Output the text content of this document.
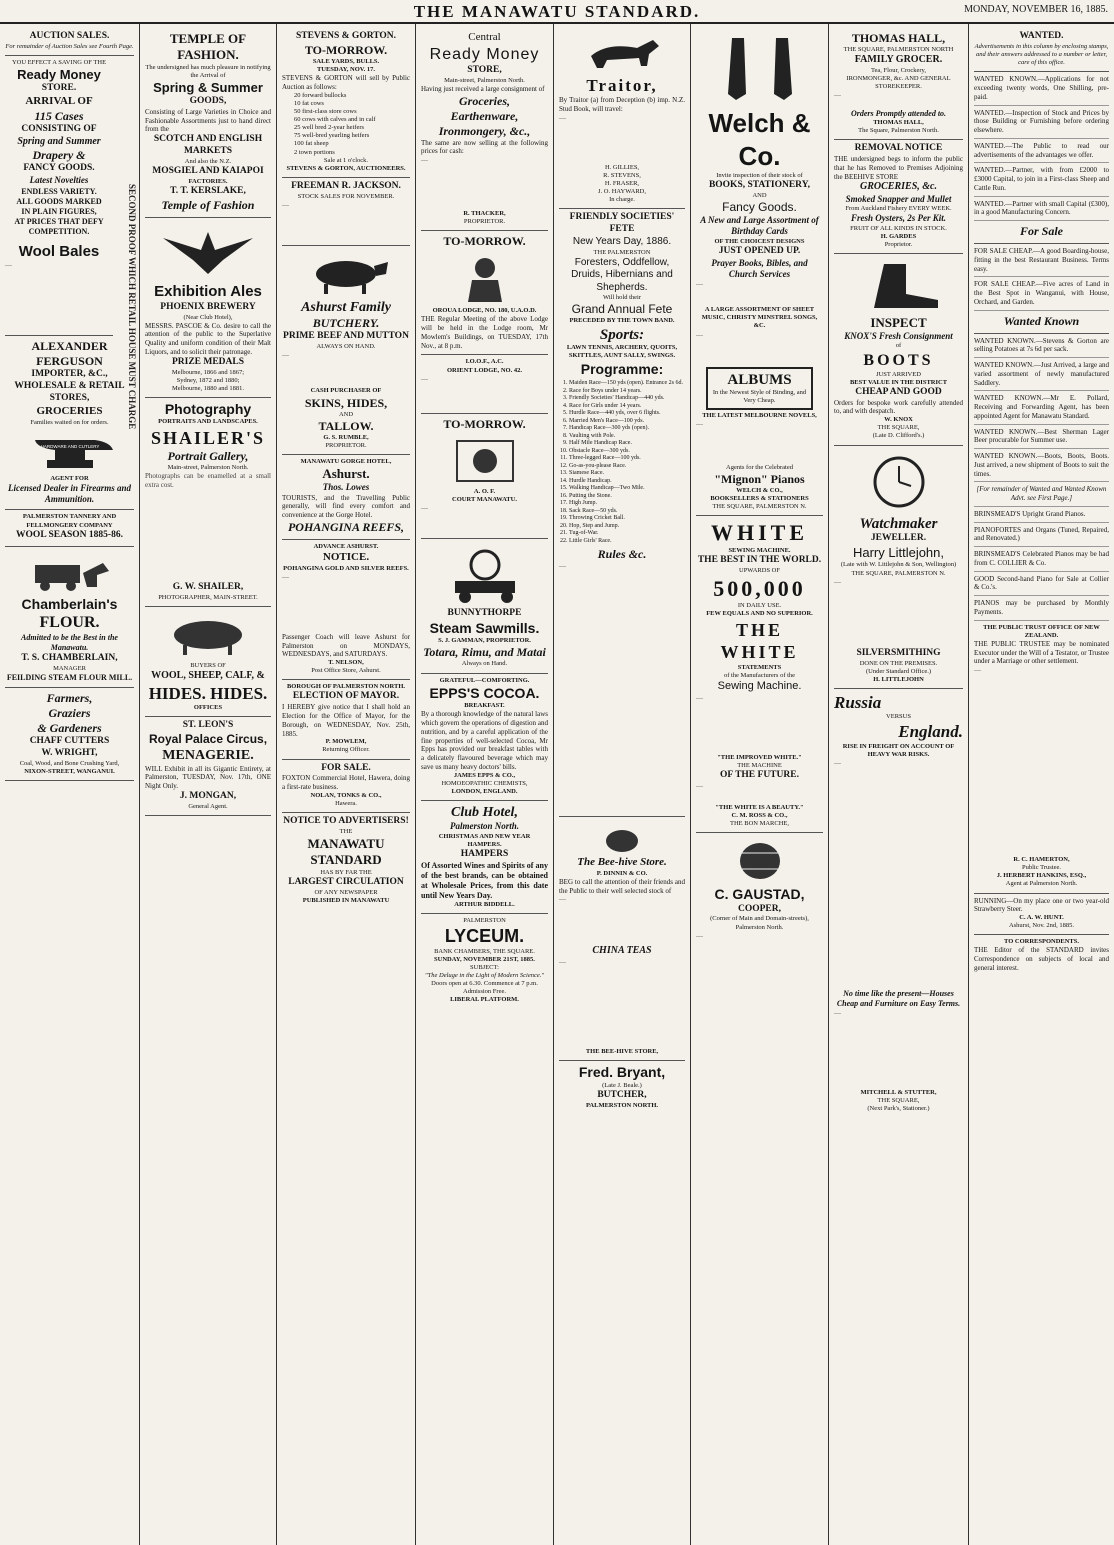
THE MANAWATU STANDARD.	MONDAY, NOVEMBER 16, 1885.
AUCTION SALES.
For remainder of Auction Sales see Fourth Page.
YOU EFFECT A SAVING OF THE
Ready Money
STORE.
ARRIVAL OF
115 Cases
CONSISTING OF
Spring and Summer
Drapery &
FANCY GOODS.
Latest Novelties
ENDLESS VARIETY.
ALL GOODS MARKED
IN PLAIN FIGURES,
AT PRICES THAT DEFY COMPETITION.
Wool Bales
—	SECOND PROOF WHICH RETAIL HOUSE MUST CHARGE
ALEXANDER FERGUSON
IMPORTER, &C.,
WHOLESALE & RETAIL
STORES,
GROCERIES
Families waited on for orders.
HARDWARE AND CUTLERY
AGENT FOR
Licensed Dealer in Firearms and Ammunition.
PALMERSTON TANNERY AND FELLMONGERY COMPANY
WOOL SEASON 1885-86.
Chamberlain's
FLOUR.
Admitted to be the Best in the Manawatu.
T. S. CHAMBERLAIN,
MANAGER
FEILDING STEAM FLOUR MILL.
Farmers,
Graziers
& Gardeners
CHAFF CUTTERS
W. WRIGHT,
Coal, Wood, and Bone Crushing Yard,
NIXON-STREET, WANGANUI.
TEMPLE OF FASHION.
The undersigned has much pleasure in notifying the Arrival of
Spring & Summer
GOODS,
Consisting of Large Varieties in Choice and Fashionable Assortments just to hand direct from the
SCOTCH AND ENGLISH MARKETS
And also the N.Z.
MOSGIEL AND KAIAPOI
FACTORIES.
T. T. KERSLAKE,
Temple of Fashion
Exhibition Ales
PHOENIX BREWERY
(Near Club Hotel),
MESSRS. PASCOE & Co. desire to call the attention of the public to the Superlative Quality and uniform condition of their Malt Liquors, and to solicit their patronage.
PRIZE MEDALS
Melbourne, 1866 and 1867;
Sydney, 1872 and 1880;
Melbourne, 1880 and 1881.
Photography
PORTRAITS AND LANDSCAPES.
SHAILER'S
Portrait Gallery,
Main-street, Palmerston North.
Photographs can be enamelled at a small extra cost.
G. W. SHAILER,
PHOTOGRAPHER, MAIN-STREET.
BUYERS OF
WOOL, SHEEP, CALF, &
HIDES. HIDES.
OFFICES
ST. LEON'S
Royal Palace Circus,
MENAGERIE.
WILL Exhibit in all its Gigantic Entirety, at Palmerston, TUESDAY, Nov. 17th, ONE Night Only.
J. MONGAN,
General Agent.
STEVENS & GORTON.
TO-MORROW.
SALE YARDS, BULLS.
TUESDAY, NOV. 17.
STEVENS & GORTON will sell by Public Auction as follows:
20 forward bullocks
10 fat cows
50 first-class store cows
60 cows with calves and in calf
25 well bred 2-year heifers
75 well-bred yearling heifers
100 fat sheep
2 town portions
Sale at 1 o'clock.
STEVENS & GORTON, AUCTIONEERS.
FREEMAN R. JACKSON.
STOCK SALES FOR NOVEMBER.
—
Ashurst Family
BUTCHERY.
PRIME BEEF AND MUTTON
ALWAYS ON HAND.
—
CASH PURCHASER OF
SKINS, HIDES,
AND
TALLOW.
G. S. RUMBLE,
PROPRIETOR.
MANAWATU GORGE HOTEL,
Ashurst.
Thos. Lowes
TOURISTS, and the Travelling Public generally, will find every comfort and convenience at the Gorge Hotel.
POHANGINA REEFS,
ADVANCE ASHURST.
NOTICE.
POHANGINA GOLD AND SILVER REEFS.
—
Passenger Coach will leave Ashurst for Palmerston on MONDAYS, WEDNESDAYS, and SATURDAYS.
T. NELSON,
Post Office Store, Ashurst.
BOROUGH OF PALMERSTON NORTH.
ELECTION OF MAYOR.
I HEREBY give notice that I shall hold an Election for the Office of Mayor, for the Borough, on WEDNESDAY, Nov. 25th, 1885.
P. MOWLEM,
Returning Officer.
FOR SALE.
FOXTON Commercial Hotel, Hawera, doing a first-rate business.
NOLAN, TONKS & CO.,
Hawera.
NOTICE TO ADVERTISERS!
THE
MANAWATU STANDARD
HAS BY FAR THE
LARGEST CIRCULATION
OF ANY NEWSPAPER
PUBLISHED IN MANAWATU
Central
Ready Money
STORE,
Main-street, Palmerston North.
Having just received a large consignment of
Groceries,
Earthenware,
Ironmongery, &c.,
The same are now selling at the following prices for cash:
—
R. THACKER,
PROPRIETOR.
TO-MORROW.
OROUA LODGE, NO. 180, U.A.O.D.
THE Regular Meeting of the above Lodge will be held in the Lodge room, Mr Mowlem's Buildings, on TUESDAY, 17th Nov., at 8 p.m.
I.O.O.F., A.C.
ORIENT LODGE, NO. 42.
—
TO-MORROW.
A. O. F.
COURT MANAWATU.
—
BUNNYTHORPE
Steam Sawmills.
S. J. GAMMAN, PROPRIETOR.
Totara, Rimu, and Matai
Always on Hand.
GRATEFUL—COMFORTING.
EPPS'S COCOA.
BREAKFAST.
By a thorough knowledge of the natural laws which govern the operations of digestion and nutrition, and by a careful application of the fine properties of well-selected Cocoa, Mr Epps has provided our breakfast tables with a delicately flavoured beverage which may save us many heavy doctors' bills.
JAMES EPPS & CO.,
HOMOEOPATHIC CHEMISTS,
LONDON, ENGLAND.
Club Hotel,
Palmerston North.
CHRISTMAS AND NEW YEAR HAMPERS.
HAMPERS
Of Assorted Wines and Spirits of any of the best brands, can be obtained at Wholesale Prices, from this date until New Years Day.
ARTHUR BIDDELL.
PALMERSTON
LYCEUM.
BANK CHAMBERS, THE SQUARE.
SUNDAY, NOVEMBER 21ST, 1885.
SUBJECT:
"The Deluge in the Light of Modern Science."
Doors open at 6.30. Commence at 7 p.m.
Admission Free.
LIBERAL PLATFORM.
Traitor,
By Traitor (a) from Deception (b) imp. N.Z. Stud Book, will travel:
—
H. GILLIES,
R. STEVENS,
H. FRASER,
J. O. HAYWARD,
In charge.
FRIENDLY SOCIETIES' FETE
New Years Day, 1886.
THE PALMERSTON
Foresters, Oddfellow, Druids, Hibernians and Shepherds.
Will hold their
Grand Annual Fete
PRECEDED BY THE TOWN BAND.
Sports:
LAWN TENNIS, ARCHERY, QUOITS, SKITTLES, AUNT SALLY, SWINGS.
Programme:
1. Maiden Race—150 yds (open). Entrance 2s 6d.
2. Race for Boys under 14 years.
3. Friendly Societies' Handicap—440 yds.
4. Race for Girls under 14 years.
5. Hurdle Race—440 yds, over 6 flights.
6. Married Men's Race—100 yds.
7. Handicap Race—300 yds (open).
8. Vaulting with Pole.
9. Half Mile Handicap Race.
10. Obstacle Race—300 yds.
11. Three-legged Race—100 yds.
12. Go-as-you-please Race.
13. Siamese Race.
14. Hurdle Handicap.
15. Walking Handicap—Two Mile.
16. Putting the Stone.
17. High Jump.
18. Sack Race—50 yds.
19. Throwing Cricket Ball.
20. Hop, Step and Jump.
21. Tug-of-War.
22. Little Girls' Race.
Rules &c.
—
The Bee-hive Store.
P. DINNIN & CO.
BEG to call the attention of their friends and the Public to their well selected stock of
—
CHINA TEAS
—
THE BEE-HIVE STORE,
Fred. Bryant,
(Late J. Beale.)
BUTCHER,
PALMERSTON NORTH.
Welch & Co.
Invite inspection of their stock of
BOOKS, STATIONERY,
AND
Fancy Goods.
A New and Large Assortment of Birthday Cards
OF THE CHOICEST DESIGNS
JUST OPENED UP.
Prayer Books, Bibles, and Church Services
—
A LARGE ASSORTMENT OF SHEET MUSIC, CHRISTY MINSTREL SONGS, &C.
—
ALBUMS
In the Newest Style of Binding, and Very Cheap.
THE LATEST MELBOURNE NOVELS,
—
Agents for the Celebrated
"Mignon" Pianos
WELCH & CO.,
BOOKSELLERS & STATIONERS
THE SQUARE, PALMERSTON N.
WHITE
SEWING MACHINE.
THE BEST IN THE WORLD.
UPWARDS OF
500,000
IN DAILY USE.
FEW EQUALS AND NO SUPERIOR.
THE WHITE
STATEMENTS
of the Manufacturers of the
Sewing Machine.
—
"THE IMPROVED WHITE."
THE MACHINE
OF THE FUTURE.
—
"THE WHITE IS A BEAUTY."
C. M. ROSS & CO.,
THE BON MARCHE,
C. GAUSTAD,
COOPER,
(Corner of Main and Domain-streets), Palmerston North.
—
THOMAS HALL,
THE SQUARE, PALMERSTON NORTH
FAMILY GROCER.
Tea, Flour, Crockery,
IRONMONGER, &c. AND GENERAL STOREKEEPER.
—
Orders Promptly attended to.
THOMAS HALL,
The Square, Palmerston North.
REMOVAL NOTICE
THE undersigned begs to inform the public that he has Removed to Premises Adjoining the BEEHIVE STORE
GROCERIES, &c.
Smoked Snapper and Mullet
From Auckland Fishery EVERY WEEK.
Fresh Oysters, 2s Per Kit.
FRUIT OF ALL KINDS IN STOCK.
H. GARDES
Proprietor.
INSPECT
KNOX'S Fresh Consignment
of
BOOTS
JUST ARRIVED
BEST VALUE IN THE DISTRICT
CHEAP AND GOOD
Orders for bespoke work carefully attended to, and with despatch.
W. KNOX
THE SQUARE,
(Late D. Clifford's.)
Watchmaker
JEWELLER.
Harry Littlejohn,
(Late with W. Littlejohn & Son, Wellington)
THE SQUARE, PALMERSTON N.
—
SILVERSMITHING
DONE ON THE PREMISES.
(Under Standard Office.)
H. LITTLEJOHN
Russia
VERSUS
England.
RISE IN FREIGHT ON ACCOUNT OF HEAVY WAR RISKS.
—
No time like the present—Houses Cheap and Furniture on Easy Terms.
—
MITCHELL & STUTTER,
THE SQUARE,
(Next Park's, Stationer.)
WANTED.
Advertisements in this column by enclosing stamps, and their answers addressed to a number or letter, care of this office.
WANTED KNOWN.—Applications for not exceeding twenty words, One Shilling, pre-paid.
WANTED.—Inspection of Stock and Prices by those Building or Furnishing before ordering elsewhere.
WANTED.—The Public to read our advertisements of the advantages we offer.
WANTED.—Partner, with from £2000 to £3000 Capital, to join in a First-class Sheep and Cattle Run.
WANTED.—Partner with small Capital (£300), in a good Manufacturing Concern.
For Sale
FOR SALE CHEAP.—A good Boarding-house, fitting in the best Restaurant Business. Terms easy.
FOR SALE CHEAP.—Five acres of Land in the Best Spot in Wanganui, with House, Orchard, and Garden.
Wanted Known
WANTED KNOWN.—Stevens & Gorton are selling Potatoes at 7s 6d per sack.
WANTED KNOWN.—Just Arrived, a large and varied assortment of newly manufactured Saddlery.
WANTED KNOWN.—Mr E. Pollard, Receiving and Forwarding Agent, has been appointed Agent for Manawatu Standard.
WANTED KNOWN.—Best Sherman Lager Beer procurable for Summer use.
WANTED KNOWN.—Boots, Boots, Boots. Just arrived, a new shipment of Boots to suit the times.
[For remainder of Wanted and Wanted Known Advt. see First Page.]
BRINSMEAD'S Upright Grand Pianos.
PIANOFORTES and Organs (Tuned, Repaired, and Renovated.)
BRINSMEAD'S Celebrated Pianos may be had from C. COLLIER & Co.
GOOD Second-hand Piano for Sale at Collier & Co.'s.
PIANOS may be purchased by Monthly Payments.
THE PUBLIC TRUST OFFICE OF NEW ZEALAND.
THE PUBLIC TRUSTEE may be nominated Executor under the Will of a Testator, or Trustee under a Marriage or other settlement.
—
R. C. HAMERTON,
Public Trustee.
J. HERBERT HANKINS, ESQ.,
Agent at Palmerston North.
RUNNING—On my place one or two year-old Strawberry Steer.
C. A. W. HUNT.
Ashurst, Nov. 2nd, 1885.
TO CORRESPONDENTS.
THE Editor of the STANDARD invites Correspondence on subjects of local and general interest.
